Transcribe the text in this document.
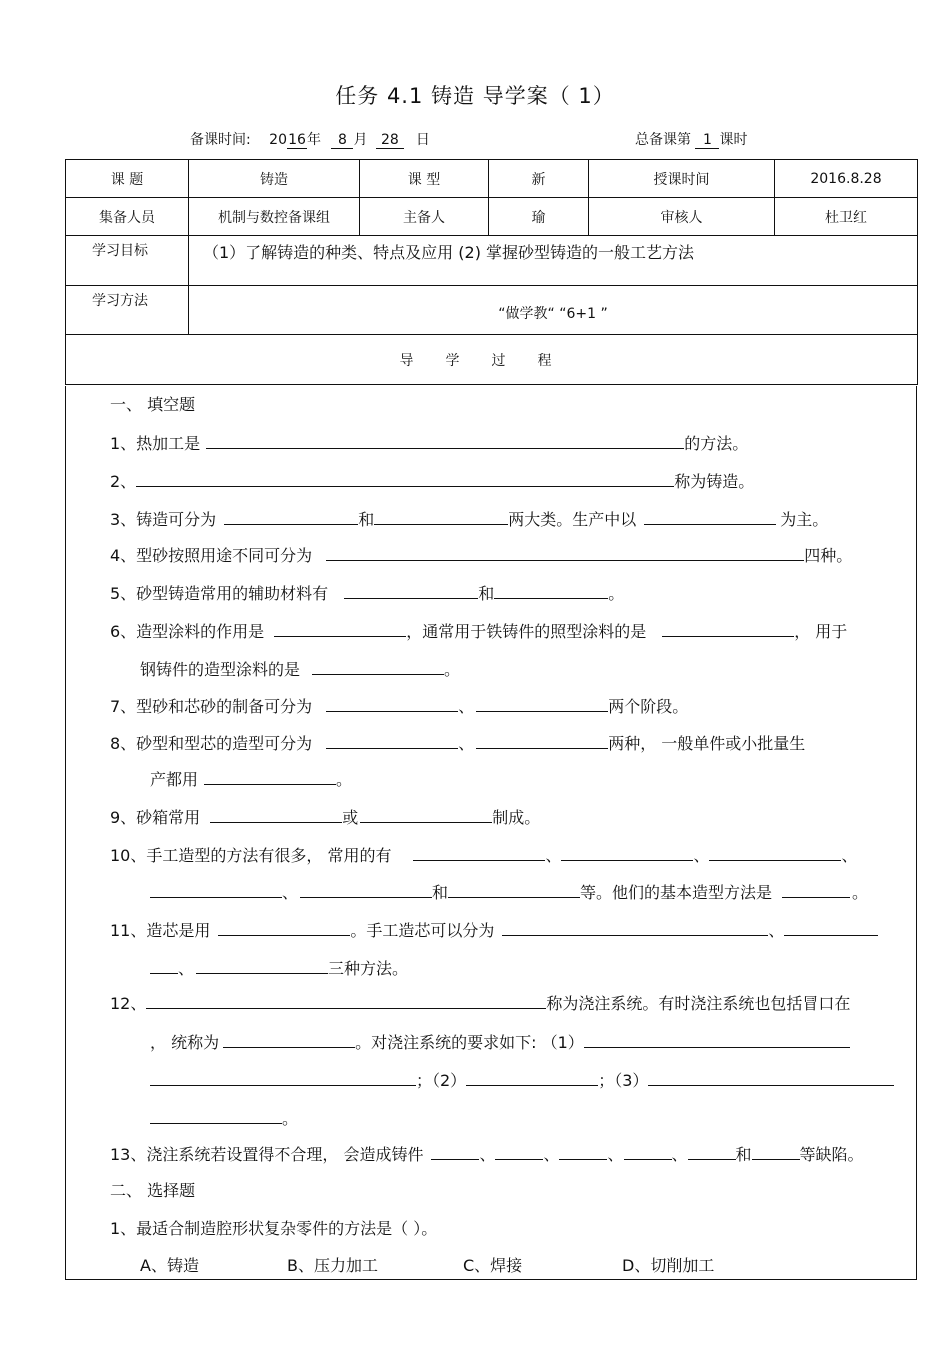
任务 4.1 铸造 导学案（ 1）
备课时间: 2016年 8 月 28 日	总备课第 1 课时
课 题	铸造	课 型	新	授课时间	2016.8.28
集备人员	机制与数控备课组	主备人	瑜	审核人	杜卫红
学习目标	（1）了解铸造的种类、特点及应用 (2) 掌握砂型铸造的一般工艺方法				
学习方法	“做学教“ “6+1 ”				
导学过程					
一、 填空题
1、热加工是	的方法。
2、	称为铸造。
3、铸造可分为	和	两大类。生产中以	为主。
4、型砂按照用途不同可分为	四种。
5、砂型铸造常用的辅助材料有	和	。
6、造型涂料的作用是	，通常用于铁铸件的照型涂料的是	， 用于
钢铸件的造型涂料的是	。
7、型砂和芯砂的制备可分为	、	两个阶段。
8、砂型和型芯的造型可分为	、	两种， 一般单件或小批量生
产都用	。
9、砂箱常用	或	制成。
10、手工造型的方法有很多， 常用的有	、	、	、
、	和	等。他们的基本造型方法是	。
11、造芯是用	。手工造芯可以分为	、
、	三种方法。
12、	称为浇注系统。有时浇注系统也包括冒口在
， 统称为	。对浇注系统的要求如下: （1）
；（2）	；（3）
。
13、浇注系统若设置得不合理， 会造成铸件	、	、	、	、	和	等缺陷。
二、 选择题
1、最适合制造腔形状复杂零件的方法是（ ）。
A、铸造	B、压力加工	C、焊接	D、切削加工
